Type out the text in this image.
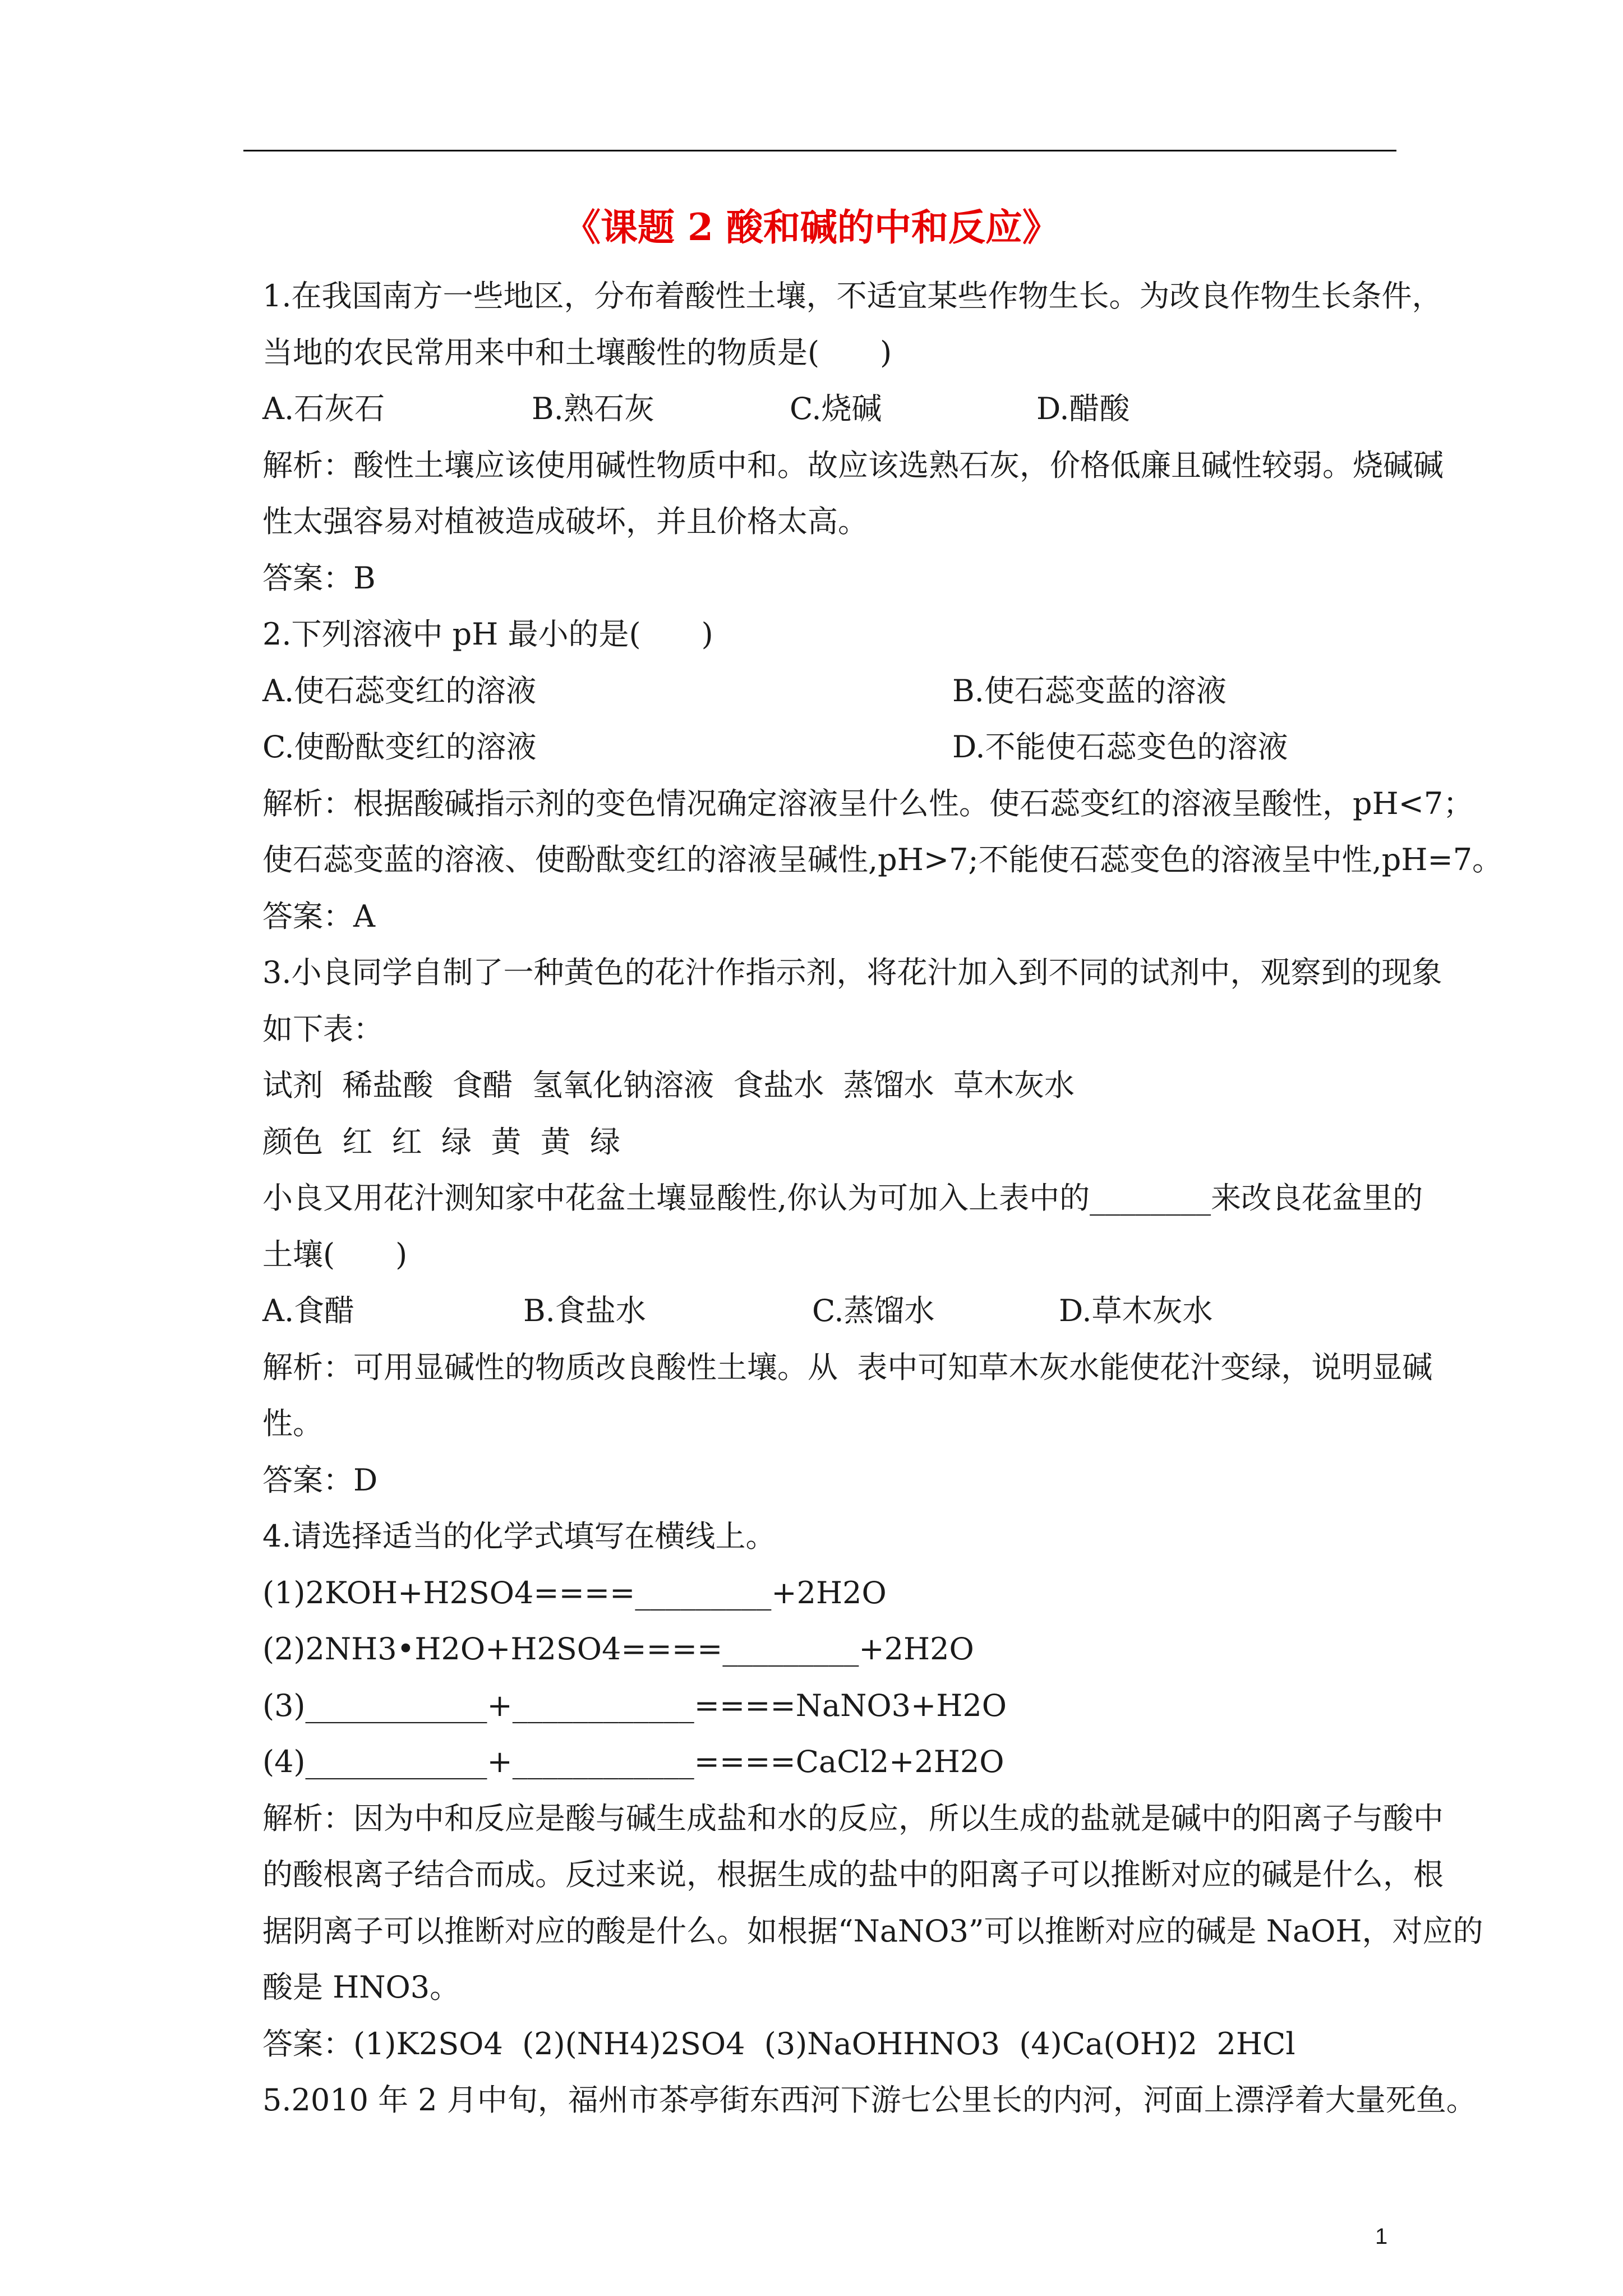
《课题 2 酸和碱的中和反应》
1.在我国南方一些地区，分布着酸性土壤，不适宜某些作物生长。为改良作物生长条件，
当地的农民常用来中和土壤酸性的物质是(　　)
A.石灰石	B.熟石灰	C.烧碱	D.醋酸
解析：酸性土壤应该使用碱性物质中和。故应该选熟石灰，价格低廉且碱性较弱。烧碱碱
性太强容易对植被造成破坏，并且价格太高。
答案：B
2.下列溶液中 pH 最小的是(　　)
A.使石蕊变红的溶液	B.使石蕊变蓝的溶液
C.使酚酞变红的溶液	D.不能使石蕊变色的溶液
解析：根据酸碱指示剂的变色情况确定溶液呈什么性。使石蕊变红的溶液呈酸性，pH<7；
使石蕊变蓝的溶液、使酚酞变红的溶液呈碱性,pH>7;不能使石蕊变色的溶液呈中性,pH=7。
答案：A
3.小良同学自制了一种黄色的花汁作指示剂，将花汁加入到不同的试剂中，观察到的现象
如下表：
试剂  稀盐酸  食醋  氢氧化钠溶液  食盐水  蒸馏水  草木灰水
颜色  红  红  绿  黄  黄  绿
小良又用花汁测知家中花盆土壤显酸性,你认为可加入上表中的________来改良花盆里的
土壤(　　)
A.食醋	B.食盐水	C.蒸馏水	D.草木灰水
解析：可用显碱性的物质改良酸性土壤。从  表中可知草木灰水能使花汁变绿，说明显碱
性。
答案：D
4.请选择适当的化学式填写在横线上。
(1)2KOH+H2SO4====_________+2H2O
(2)2NH3•H2O+H2SO4====_________+2H2O
(3)____________+____________====NaNO3+H2O
(4)____________+____________====CaCl2+2H2O
解析：因为中和反应是酸与碱生成盐和水的反应，所以生成的盐就是碱中的阳离子与酸中
的酸根离子结合而成。反过来说，根据生成的盐中的阳离子可以推断对应的碱是什么，根
据阴离子可以推断对应的酸是什么。如根据“NaNO3”可以推断对应的碱是 NaOH，对应的
酸是 HNO3。
答案：(1)K2SO4  (2)(NH4)2SO4  (3)NaOHHNO3  (4)Ca(OH)2  2HCl
5.2010 年 2 月中旬，福州市茶亭街东西河下游七公里长的内河，河面上漂浮着大量死鱼。
1
